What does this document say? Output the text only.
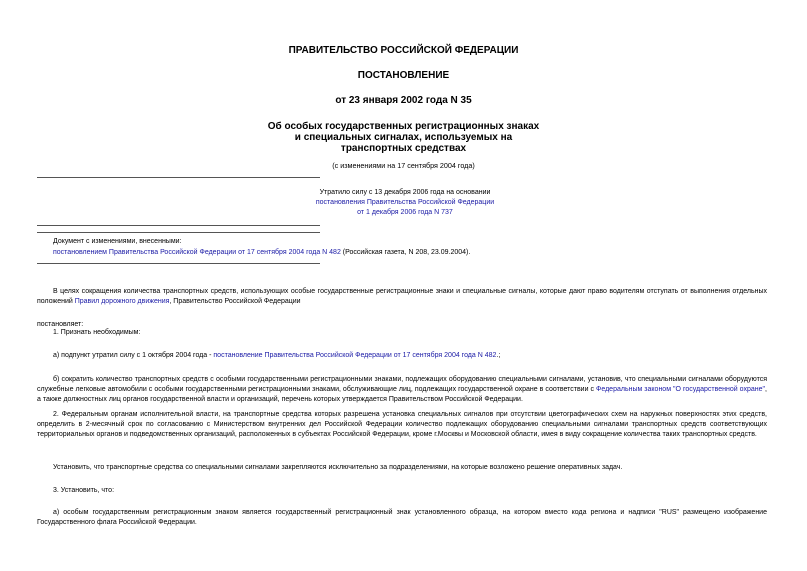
ПРАВИТЕЛЬСТВО РОССИЙСКОЙ ФЕДЕРАЦИИ
ПОСТАНОВЛЕНИЕ
от 23 января 2002 года N 35
Об особых государственных регистрационных знаках
и специальных сигналах, используемых на
транспортных средствах
(с изменениями на 17 сентября 2004 года)
Утратило силу с 13 декабря 2006 года на основании
постановления Правительства Российской Федерации
от 1 декабря 2006 года N 737
Документ с изменениями, внесенными:
постановлением Правительства Российской Федерации от 17 сентября 2004 года N 482 (Российская газета, N 208, 23.09.2004).
В целях сокращения количества транспортных средств, использующих особые государственные регистрационные знаки и специальные сигналы, которые дают право водителям отступать от выполнения отдельных положений Правил дорожного движения, Правительство Российской Федерации
постановляет:
1. Признать необходимым:
а) подпункт утратил силу с 1 октября 2004 года - постановление Правительства Российской Федерации от 17 сентября 2004 года N 482.;
б) сократить количество транспортных средств с особыми государственными регистрационными знаками, подлежащих оборудованию специальными сигналами, установив, что специальными сигналами оборудуются служебные легковые автомобили с особыми государственными регистрационными знаками, обслуживающие лиц, подлежащих государственной охране в соответствии с Федеральным законом "О государственной охране", а также должностных лиц органов государственной власти и организаций, перечень которых утверждается Правительством Российской Федерации.
2. Федеральным органам исполнительной власти, на транспортные средства которых разрешена установка специальных сигналов при отсутствии цветографических схем на наружных поверхностях этих средств, определить в 2-месячный срок по согласованию с Министерством внутренних дел Российской Федерации количество подлежащих оборудованию специальными сигналами транспортных средств соответствующих территориальных органов и подведомственных организаций, расположенных в субъектах Российской Федерации, кроме г.Москвы и Московской области, имея в виду сокращение количества таких транспортных средств.
Установить, что транспортные средства со специальными сигналами закрепляются исключительно за подразделениями, на которые возложено решение оперативных задач.
3. Установить, что:
а) особым государственным регистрационным знаком является государственный регистрационный знак установленного образца, на котором вместо кода региона и надписи "RUS" размещено изображение Государственного флага Российской Федерации.
